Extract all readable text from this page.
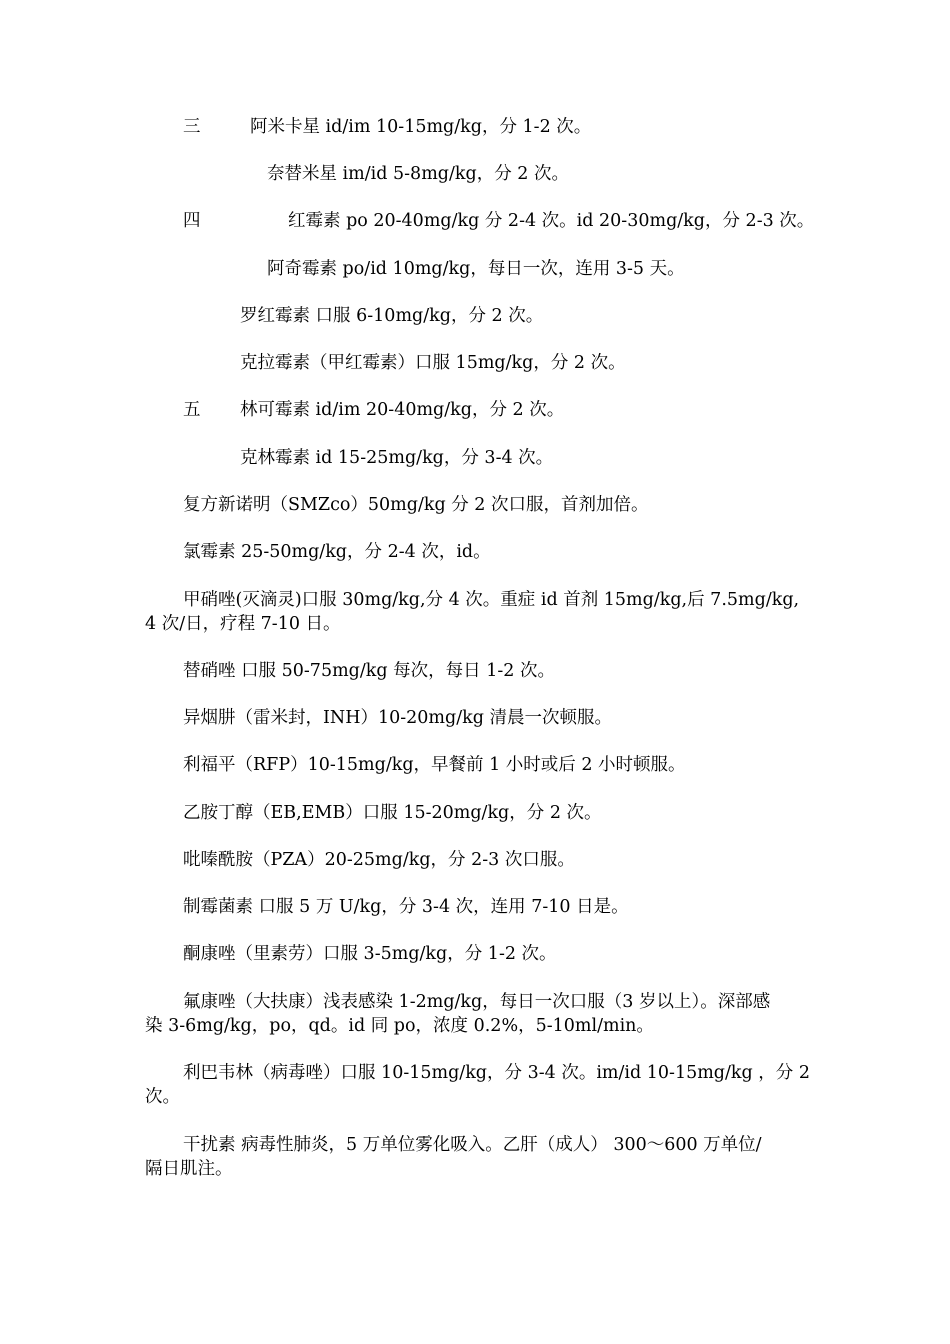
三	阿米卡星 id/im 10-15mg/kg，分 1-2 次。
奈替米星 im/id 5-8mg/kg，分 2 次。
四	红霉素 po 20-40mg/kg 分 2-4 次。id 20-30mg/kg，分 2-3 次。
阿奇霉素 po/id 10mg/kg，每日一次，连用 3-5 天。
罗红霉素 口服 6-10mg/kg，分 2 次。
克拉霉素（甲红霉素）口服 15mg/kg，分 2 次。
五 林可霉素 id/im 20-40mg/kg，分 2 次。
克林霉素 id 15-25mg/kg，分 3-4 次。
复方新诺明（SMZco）50mg/kg 分 2 次口服，首剂加倍。
氯霉素 25-50mg/kg，分 2-4 次，id。
甲硝唑(灭滴灵)口服 30mg/kg,分 4 次。重症 id 首剂 15mg/kg,后 7.5mg/kg,
4 次/日，疗程 7-10 日。
替硝唑 口服 50-75mg/kg 每次，每日 1-2 次。
异烟肼（雷米封，INH）10-20mg/kg 清晨一次顿服。
利福平（RFP）10-15mg/kg，早餐前 1 小时或后 2 小时顿服。
乙胺丁醇（EB,EMB）口服 15-20mg/kg，分 2 次。
吡嗪酰胺（PZA）20-25mg/kg，分 2-3 次口服。
制霉菌素 口服 5 万 U/kg，分 3-4 次，连用 7-10 日是。
酮康唑（里素劳）口服 3-5mg/kg，分 1-2 次。
氟康唑（大扶康）浅表感染 1-2mg/kg，每日一次口服（3 岁以上）。深部感
染 3-6mg/kg，po，qd。id 同 po，浓度 0.2%，5-10ml/min。
利巴韦林（病毒唑）口服 10-15mg/kg，分 3-4 次。im/id 10-15mg/kg ，分 2
次。
干扰素 病毒性肺炎，5 万单位雾化吸入。乙肝（成人） 300～600 万单位/
隔日肌注。
